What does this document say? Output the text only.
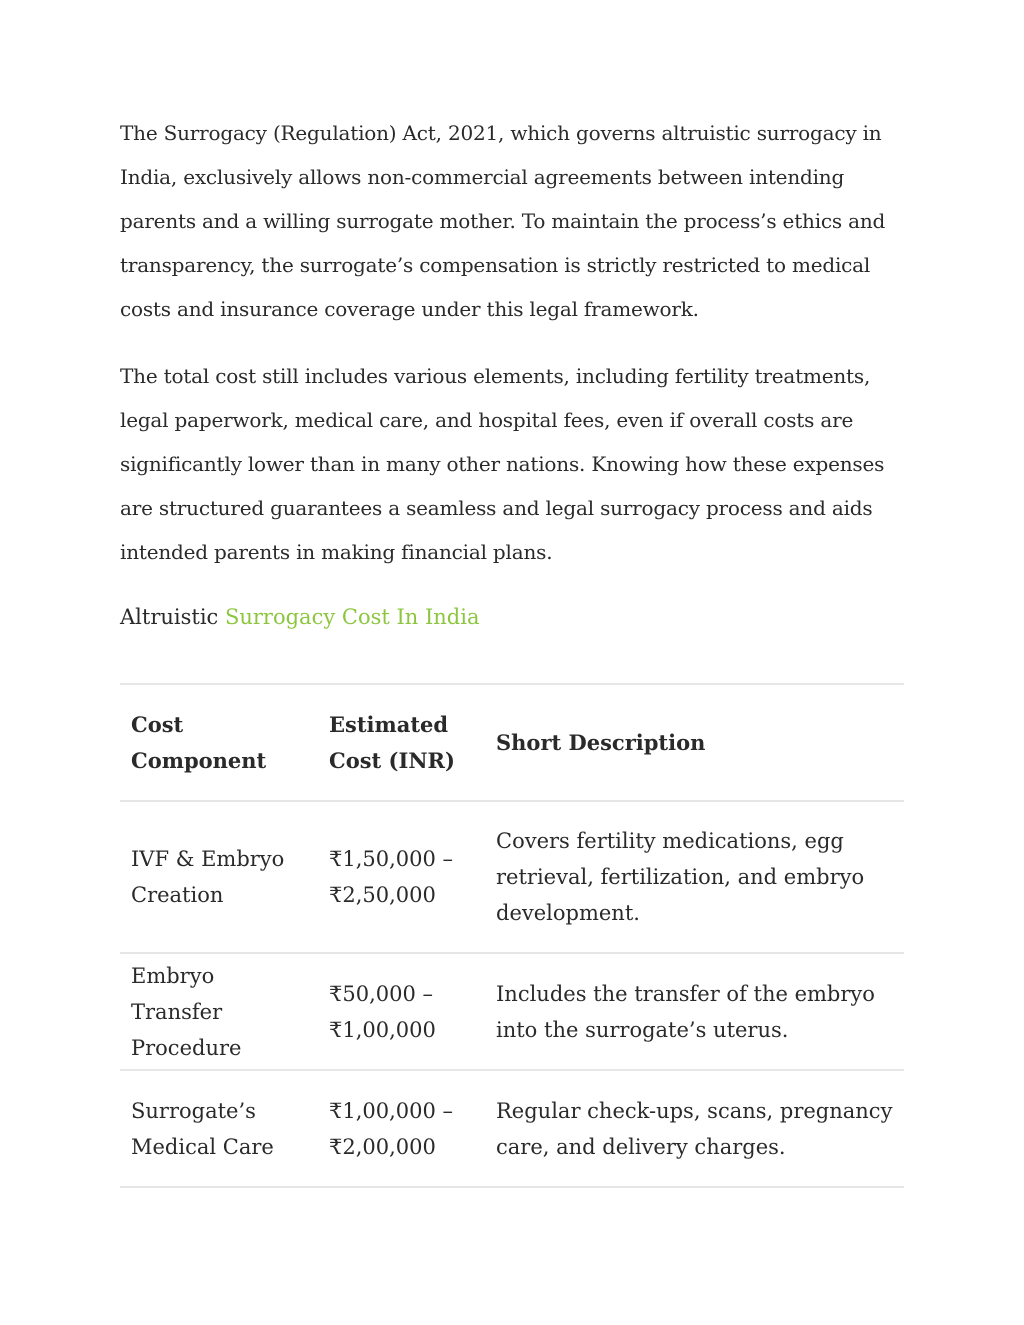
The Surrogacy (Regulation) Act, 2021, which governs altruistic surrogacy in India, exclusively allows non-commercial agreements between intending parents and a willing surrogate mother. To maintain the process’s ethics and transparency, the surrogate’s compensation is strictly restricted to medical costs and insurance coverage under this legal framework.

The total cost still includes various elements, including fertility treatments, legal paperwork, medical care, and hospital fees, even if overall costs are significantly lower than in many other nations. Knowing how these expenses are structured guarantees a seamless and legal surrogacy process and aids intended parents in making financial plans.

Altruistic Surrogacy Cost In India

Cost Component	Estimated Cost (INR)	Short Description
IVF & Embryo Creation	₹1,50,000 – ₹2,50,000	Covers fertility medications, egg retrieval, fertilization, and embryo development.
Embryo Transfer Procedure	₹50,000 – ₹1,00,000	Includes the transfer of the embryo into the surrogate’s uterus.
Surrogate’s Medical Care	₹1,00,000 – ₹2,00,000	Regular check-ups, scans, pregnancy care, and delivery charges.
